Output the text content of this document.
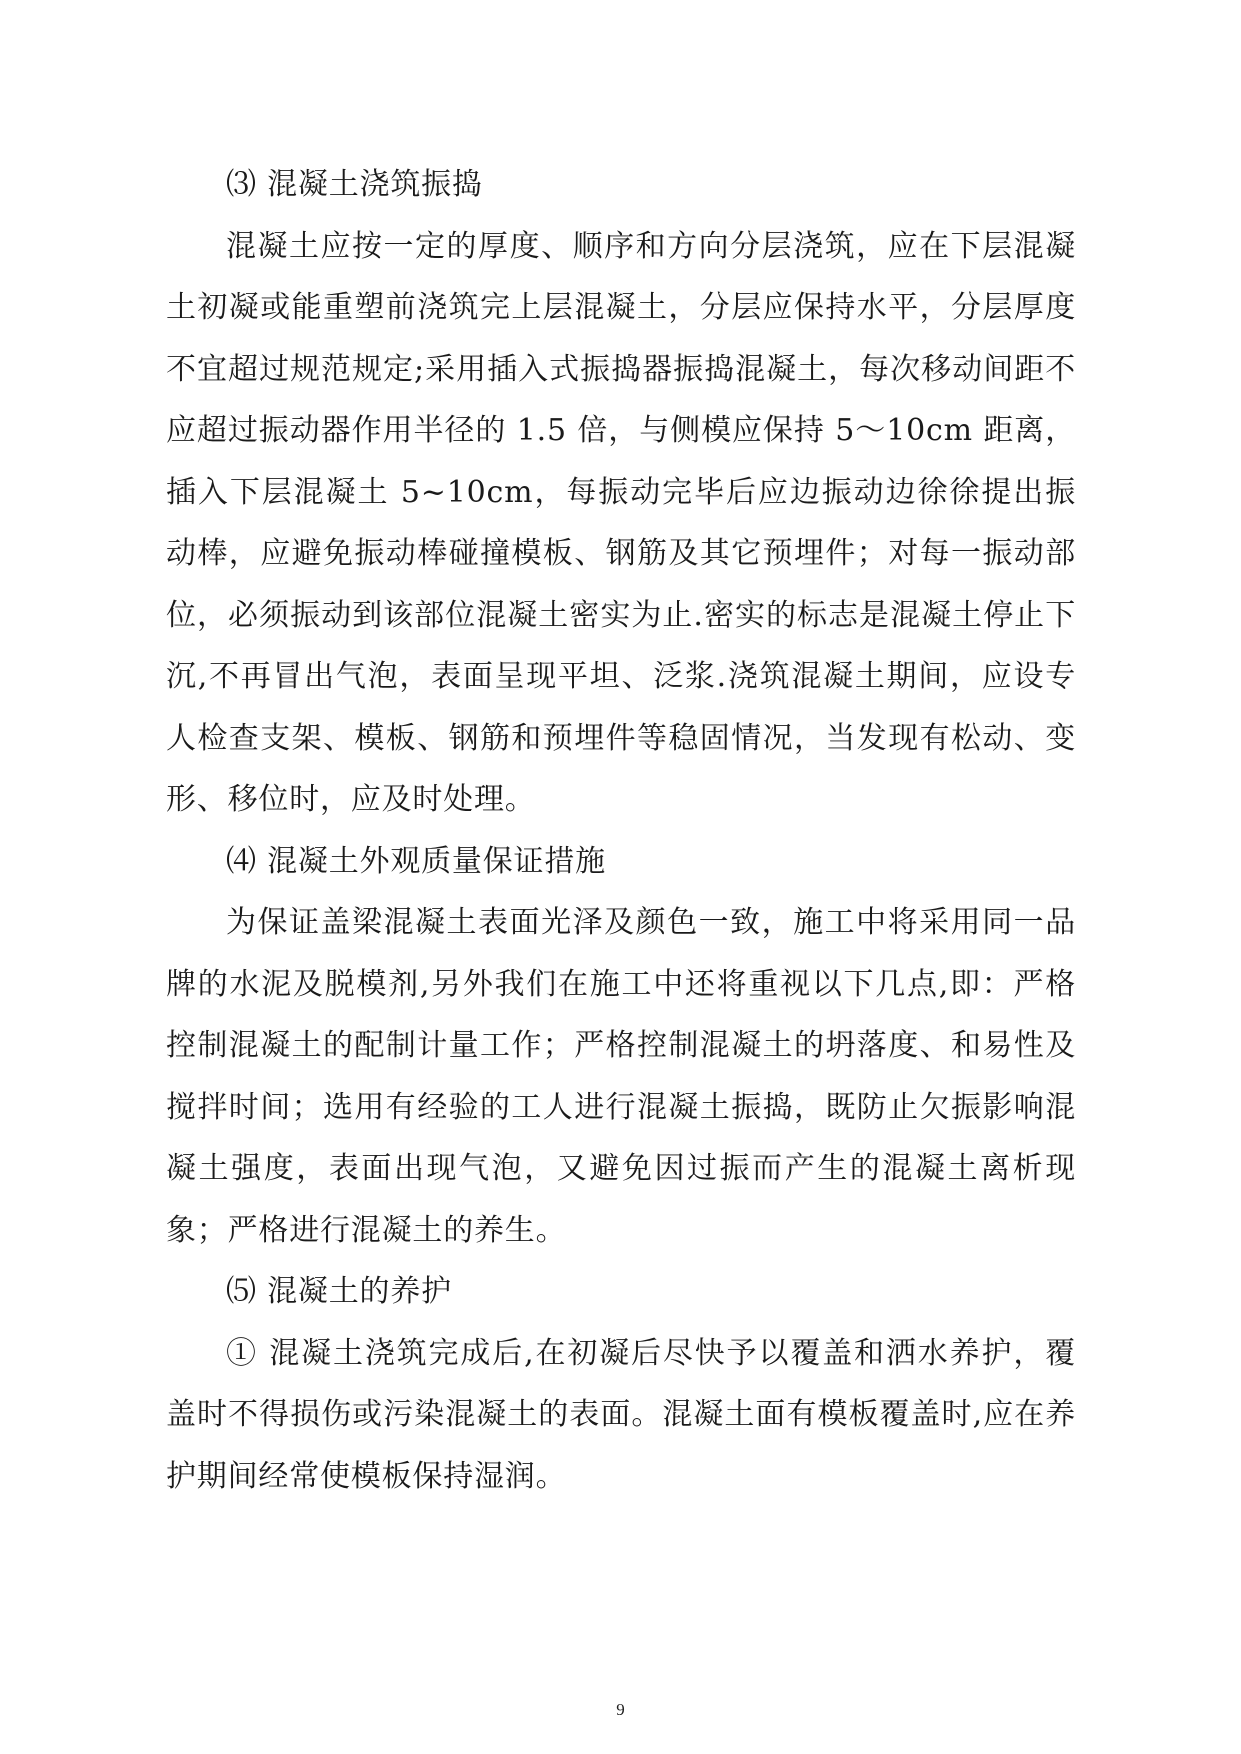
⑶ 混凝土浇筑振捣

混凝土应按一定的厚度、顺序和方向分层浇筑，应在下层混凝土初凝或能重塑前浇筑完上层混凝土，分层应保持水平，分层厚度不宜超过规范规定;采用插入式振捣器振捣混凝土，每次移动间距不应超过振动器作用半径的 1.5 倍，与侧模应保持 5～10cm 距离，插入下层混凝土 5~10cm，每振动完毕后应边振动边徐徐提出振动棒，应避免振动棒碰撞模板、钢筋及其它预埋件；对每一振动部位，必须振动到该部位混凝土密实为止.密实的标志是混凝土停止下沉,不再冒出气泡，表面呈现平坦、泛浆.浇筑混凝土期间，应设专人检查支架、模板、钢筋和预埋件等稳固情况，当发现有松动、变形、移位时，应及时处理。

⑷ 混凝土外观质量保证措施

为保证盖梁混凝土表面光泽及颜色一致，施工中将采用同一品牌的水泥及脱模剂,另外我们在施工中还将重视以下几点,即：严格控制混凝土的配制计量工作；严格控制混凝土的坍落度、和易性及搅拌时间；选用有经验的工人进行混凝土振捣，既防止欠振影响混凝土强度，表面出现气泡，又避免因过振而产生的混凝土离析现象；严格进行混凝土的养生。

⑸ 混凝土的养护

① 混凝土浇筑完成后,在初凝后尽快予以覆盖和洒水养护，覆盖时不得损伤或污染混凝土的表面。混凝土面有模板覆盖时,应在养护期间经常使模板保持湿润。

9
